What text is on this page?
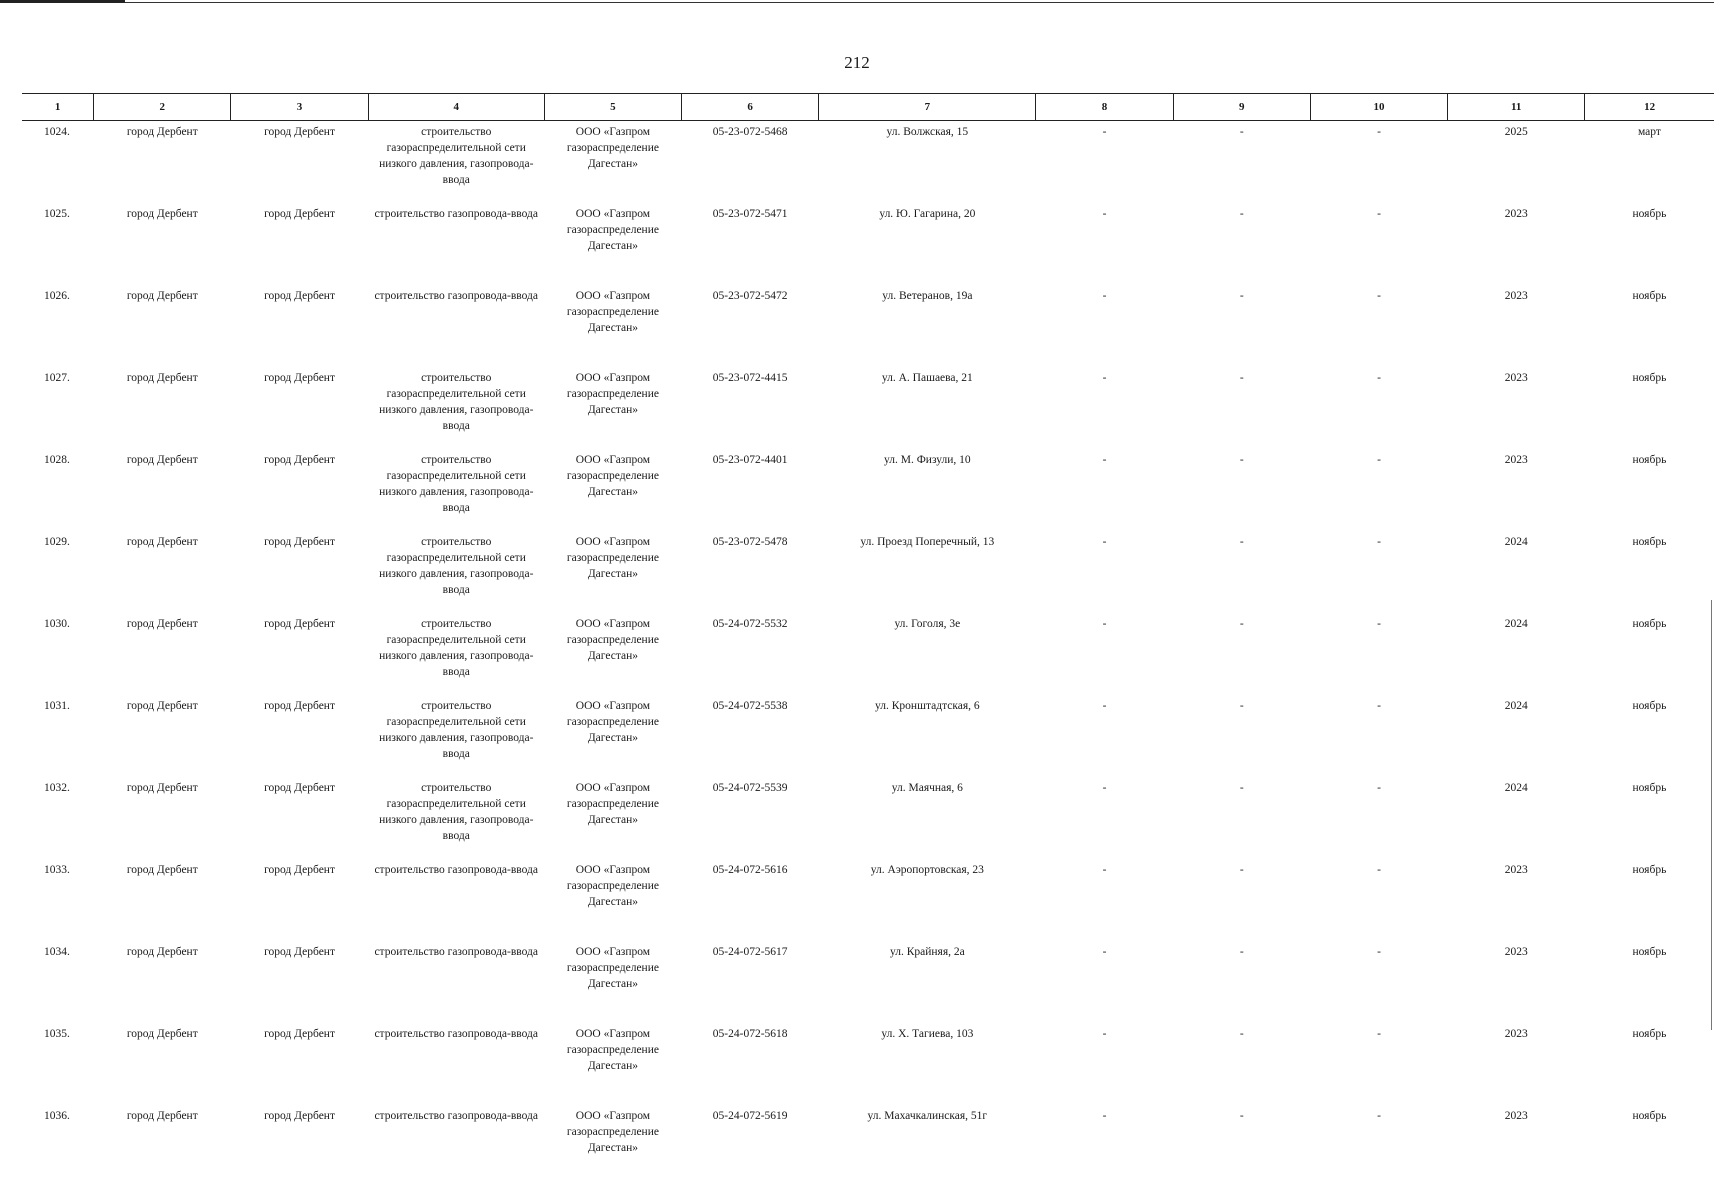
212
1	2	3	4	5	6	7	8	9	10	11	12
1024.	город Дербент	город Дербент	строительство газораспределительной сети низкого давления, газопровода-ввода	ООО «Газпром газораспределение Дагестан»	05-23-072-5468	ул. Волжская, 15	-	-	-	2025	март
1025.	город Дербент	город Дербент	строительство газопровода-ввода	ООО «Газпром газораспределение Дагестан»	05-23-072-5471	ул. Ю. Гагарина, 20	-	-	-	2023	ноябрь
1026.	город Дербент	город Дербент	строительство газопровода-ввода	ООО «Газпром газораспределение Дагестан»	05-23-072-5472	ул. Ветеранов, 19а	-	-	-	2023	ноябрь
1027.	город Дербент	город Дербент	строительство газораспределительной сети низкого давления, газопровода-ввода	ООО «Газпром газораспределение Дагестан»	05-23-072-4415	ул. А. Пашаева, 21	-	-	-	2023	ноябрь
1028.	город Дербент	город Дербент	строительство газораспределительной сети низкого давления, газопровода-ввода	ООО «Газпром газораспределение Дагестан»	05-23-072-4401	ул. М. Физули, 10	-	-	-	2023	ноябрь
1029.	город Дербент	город Дербент	строительство газораспределительной сети низкого давления, газопровода-ввода	ООО «Газпром газораспределение Дагестан»	05-23-072-5478	ул. Проезд Поперечный, 13	-	-	-	2024	ноябрь
1030.	город Дербент	город Дербент	строительство газораспределительной сети низкого давления, газопровода-ввода	ООО «Газпром газораспределение Дагестан»	05-24-072-5532	ул. Гоголя, 3е	-	-	-	2024	ноябрь
1031.	город Дербент	город Дербент	строительство газораспределительной сети низкого давления, газопровода-ввода	ООО «Газпром газораспределение Дагестан»	05-24-072-5538	ул. Кронштадтская, 6	-	-	-	2024	ноябрь
1032.	город Дербент	город Дербент	строительство газораспределительной сети низкого давления, газопровода-ввода	ООО «Газпром газораспределение Дагестан»	05-24-072-5539	ул. Маячная, 6	-	-	-	2024	ноябрь
1033.	город Дербент	город Дербент	строительство газопровода-ввода	ООО «Газпром газораспределение Дагестан»	05-24-072-5616	ул. Аэропортовская, 23	-	-	-	2023	ноябрь
1034.	город Дербент	город Дербент	строительство газопровода-ввода	ООО «Газпром газораспределение Дагестан»	05-24-072-5617	ул. Крайняя, 2а	-	-	-	2023	ноябрь
1035.	город Дербент	город Дербент	строительство газопровода-ввода	ООО «Газпром газораспределение Дагестан»	05-24-072-5618	ул. Х. Тагиева, 103	-	-	-	2023	ноябрь
1036.	город Дербент	город Дербент	строительство газопровода-ввода	ООО «Газпром газораспределение Дагестан»	05-24-072-5619	ул. Махачкалинская, 51г	-	-	-	2023	ноябрь
